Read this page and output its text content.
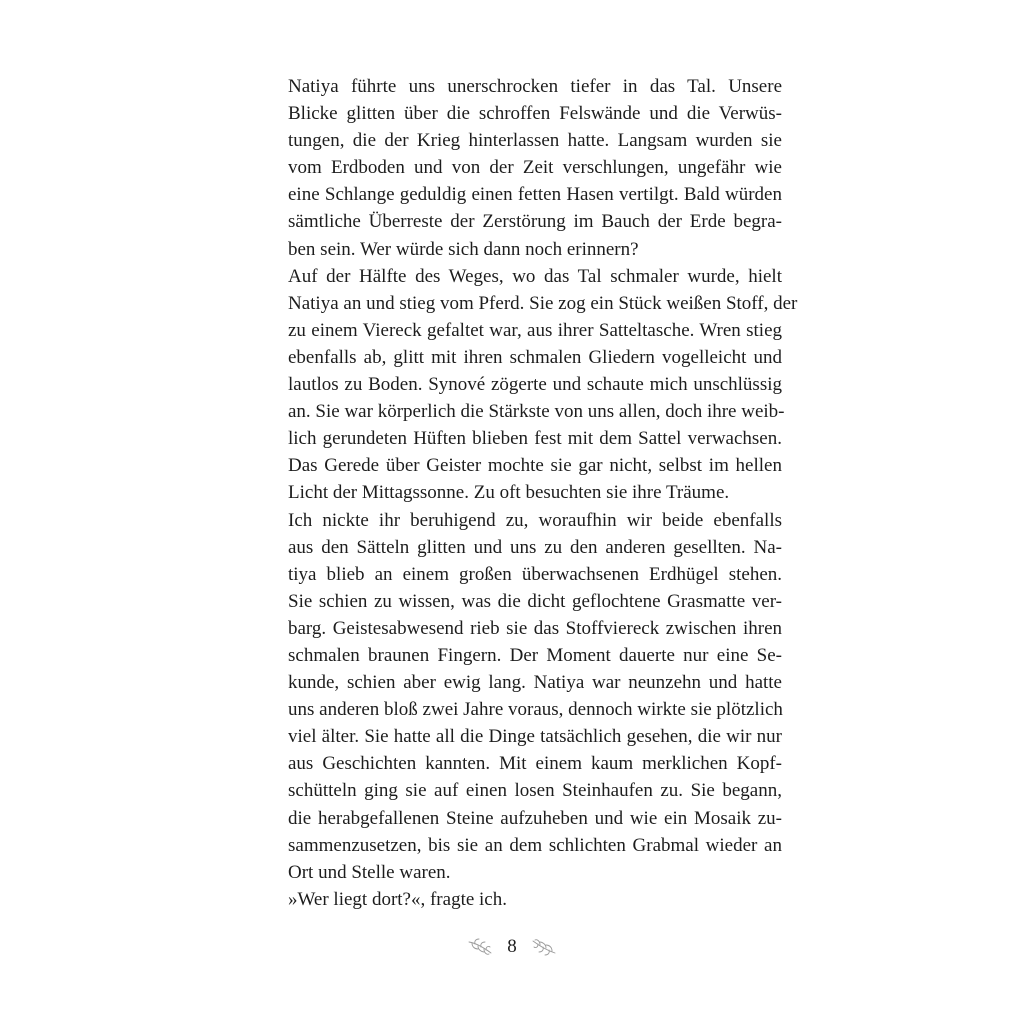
Natiya führte uns unerschrocken tiefer in das Tal. Unsere
Blicke glitten über die schroffen Felswände und die Verwüs-
tungen, die der Krieg hinterlassen hatte. Langsam wurden sie
vom Erdboden und von der Zeit verschlungen, ungefähr wie
eine Schlange geduldig einen fetten Hasen vertilgt. Bald würden
sämtliche Überreste der Zerstörung im Bauch der Erde begra-
ben sein. Wer würde sich dann noch erinnern?

Auf der Hälfte des Weges, wo das Tal schmaler wurde, hielt
Natiya an und stieg vom Pferd. Sie zog ein Stück weißen Stoff, der
zu einem Viereck gefaltet war, aus ihrer Satteltasche. Wren stieg
ebenfalls ab, glitt mit ihren schmalen Gliedern vogelleicht und
lautlos zu Boden. Synové zögerte und schaute mich unschlüssig
an. Sie war körperlich die Stärkste von uns allen, doch ihre weib-
lich gerundeten Hüften blieben fest mit dem Sattel verwachsen.
Das Gerede über Geister mochte sie gar nicht, selbst im hellen
Licht der Mittagssonne. Zu oft besuchten sie ihre Träume.

Ich nickte ihr beruhigend zu, woraufhin wir beide ebenfalls
aus den Sätteln glitten und uns zu den anderen gesellten. Na-
tiya blieb an einem großen überwachsenen Erdhügel stehen.
Sie schien zu wissen, was die dicht geflochtene Grasmatte ver-
barg. Geistesabwesend rieb sie das Stoffviereck zwischen ihren
schmalen braunen Fingern. Der Moment dauerte nur eine Se-
kunde, schien aber ewig lang. Natiya war neunzehn und hatte
uns anderen bloß zwei Jahre voraus, dennoch wirkte sie plötzlich
viel älter. Sie hatte all die Dinge tatsächlich gesehen, die wir nur
aus Geschichten kannten. Mit einem kaum merklichen Kopf-
schütteln ging sie auf einen losen Steinhaufen zu. Sie begann,
die herabgefallenen Steine aufzuheben und wie ein Mosaik zu-
sammenzusetzen, bis sie an dem schlichten Grabmal wieder an
Ort und Stelle waren.

»Wer liegt dort?«, fragte ich.

8
